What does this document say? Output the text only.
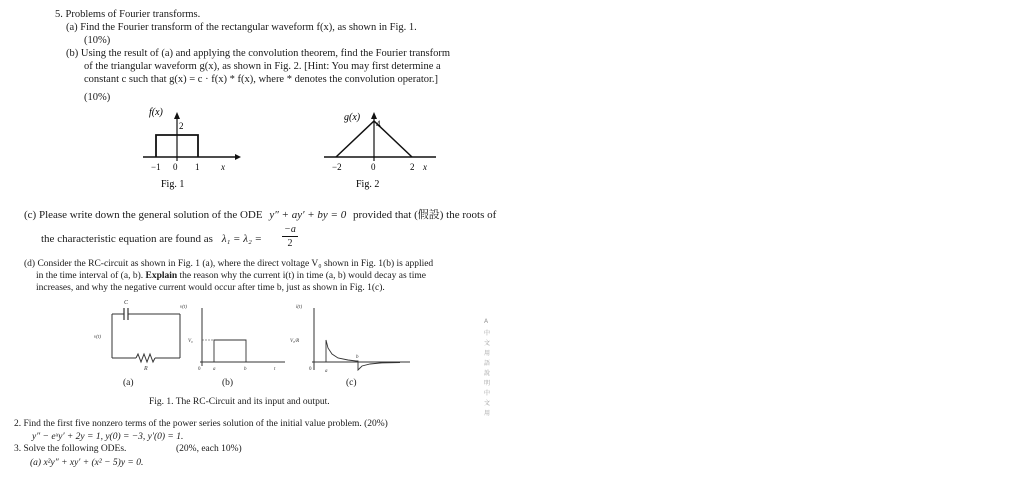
5. Problems of Fourier transforms.
(a) Find the Fourier transform of the rectangular waveform f(x), as shown in Fig. 1.
(10%)
(b) Using the result of (a) and applying the convolution theorem, find the Fourier transform
of the triangular waveform g(x), as shown in Fig. 2. [Hint: You may first determine a
constant c such that g(x) = c · f(x) * f(x), where * denotes the convolution operator.]
(10%)
f(x)
2
−1 0 1 x
Fig. 1
g(x)
4
−2	0	2 x
Fig. 2
(c) Please write down the general solution of the ODE y″ + ay′ + by = 0 provided that (假設) the roots of
the characteristic equation are found as λ₁ = λ₂ =
−a
2
(d) Consider the RC-circuit as shown in Fig. 1 (a), where the direct voltage V₀ shown in Fig. 1(b) is applied
in the time interval of (a, b). Explain the reason why the current i(t) in time (a, b) would decay as time
increases, and why the negative current would occur after time b, just as shown in Fig. 1(c).
C
v(t)
R
v(t)
V₀
0	a	b	t
i(t)
V₀/R
0	a
b
(a)	(b)	(c)
Fig. 1. The RC-Circuit and its input and output.
2. Find the first five nonzero terms of the power series solution of the initial value problem. (20%)
y″ − eˣy′ + 2y = 1, y(0) = −3, y′(0) = 1.
3. Solve the following ODEs.	(20%, each 10%)
(a) x²y″ + xy′ + (x² − 5)y = 0.
A
中
文
用
語
說
明
中
文
用
